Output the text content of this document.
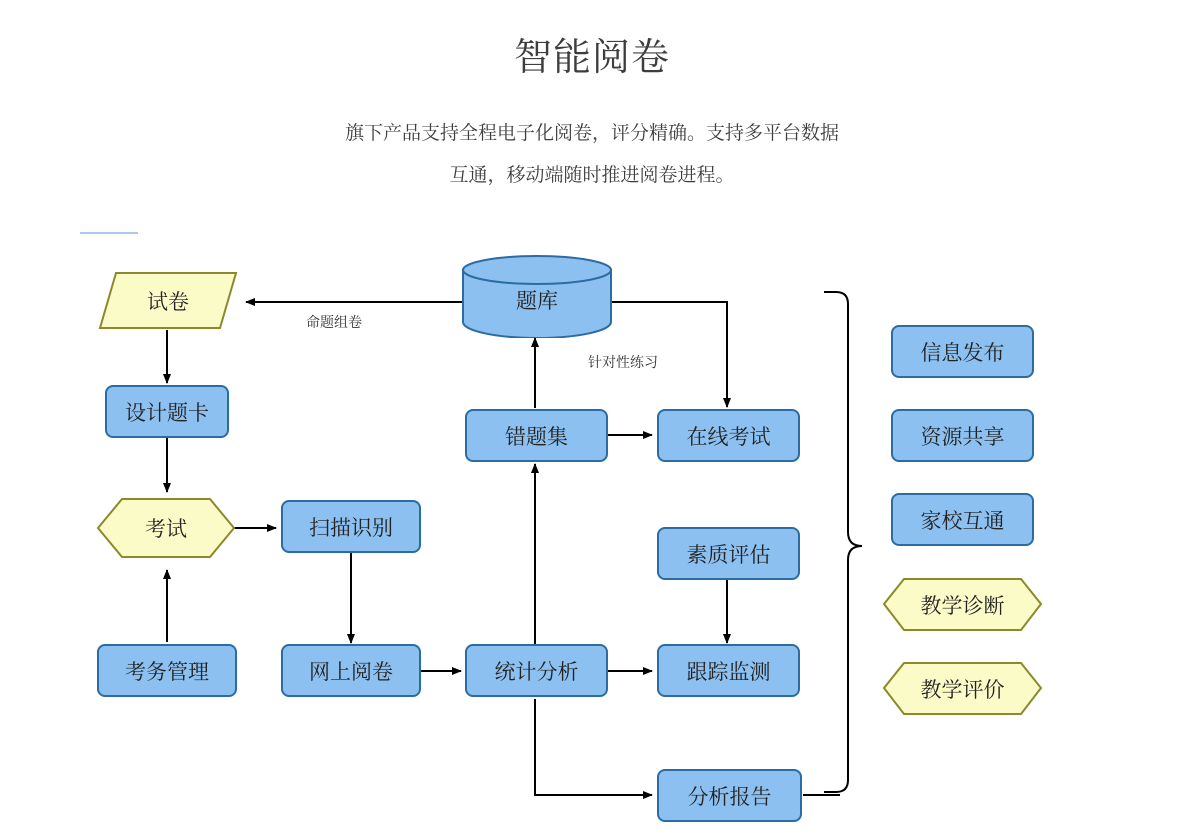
智能阅卷
旗下产品支持全程电子化阅卷，评分精确。支持多平台数据
互通，移动端随时推进阅卷进程。
试卷
设计题卡
考试
考务管理
扫描识别
网上阅卷	统计分析
题库
错题集	在线考试
素质评估
跟踪监测
分析报告
信息发布
资源共享
家校互通
教学诊断
教学评价
命题组卷
针对性练习
